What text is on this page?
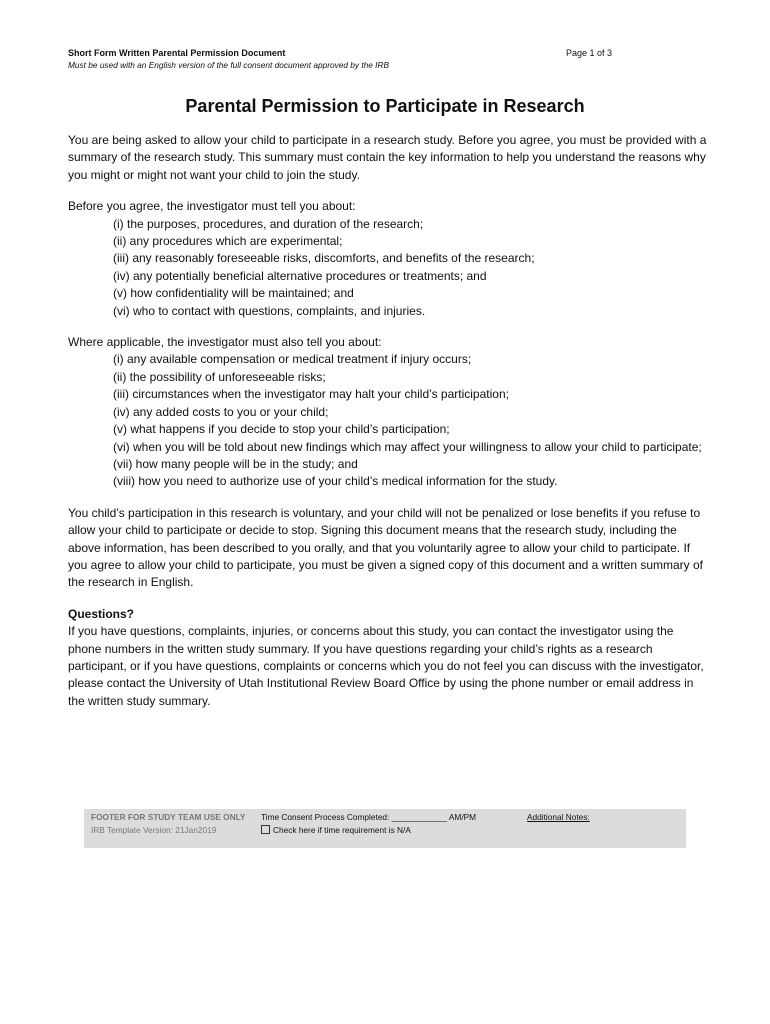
Short Form Written Parental Permission Document
Must be used with an English version of the full consent document approved by the IRB
Page 1 of 3
Parental Permission to Participate in Research

You are being asked to allow your child to participate in a research study. Before you agree, you must be provided with a summary of the research study. This summary must contain the key information to help you understand the reasons why you might or might not want your child to join the study.

Before you agree, the investigator must tell you about:
(i) the purposes, procedures, and duration of the research;
(ii) any procedures which are experimental;
(iii) any reasonably foreseeable risks, discomforts, and benefits of the research;
(iv) any potentially beneficial alternative procedures or treatments; and
(v) how confidentiality will be maintained; and
(vi) who to contact with questions, complaints, and injuries.
Where applicable, the investigator must also tell you about:
(i) any available compensation or medical treatment if injury occurs;
(ii) the possibility of unforeseeable risks;
(iii) circumstances when the investigator may halt your child’s participation;
(iv) any added costs to you or your child;
(v) what happens if you decide to stop your child’s participation;
(vi) when you will be told about new findings which may affect your willingness to allow your child to participate;
(vii) how many people will be in the study; and
(viii) how you need to authorize use of your child’s medical information for the study.

You child’s participation in this research is voluntary, and your child will not be penalized or lose benefits if you refuse to allow your child to participate or decide to stop. Signing this document means that the research study, including the above information, has been described to you orally, and that you voluntarily agree to allow your child to participate. If you agree to allow your child to participate, you must be given a signed copy of this document and a written summary of the research in English.

Questions?

If you have questions, complaints, injuries, or concerns about this study, you can contact the investigator using the phone numbers in the written study summary. If you have questions regarding your child’s rights as a research participant, or if you have questions, complaints or concerns which you do not feel you can discuss with the investigator, please contact the University of Utah Institutional Review Board Office by using the phone number or email address in the written study summary.

FOOTER FOR STUDY TEAM USE ONLY
IRB Template Version: 21Jan2019
Time Consent Process Completed: ____________ AM/PM
Check here if time requirement is N/A
Additional Notes:
